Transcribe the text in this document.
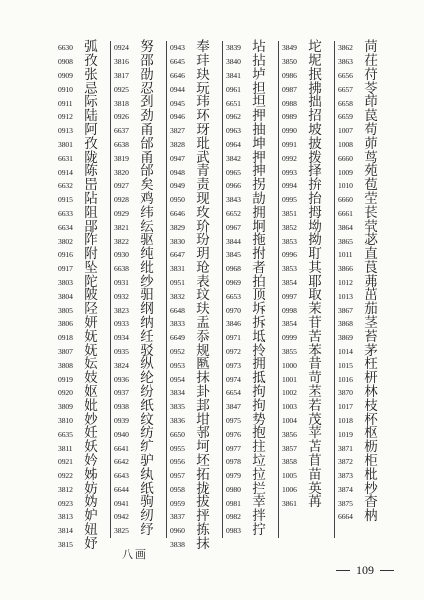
6630 弧
0908 孜
0909 张
0910 忌
0911 际
0912 陆
0913 阿
3801 孜
6631 陇
0914 陈
6632 岊
0915 阽
6633 阻
6634 郘
3802 阼
0916 附
0917 坠
3803 陀
3804 陂
3805 陉
3806 妍
0918 妩
3807 妩
3808 妘
0919 妓
0920 妪
3809 妣
3810 妙
6635 妊
3811 妖
0921 妗
0922 姊
3812 妨
0923 妫
3813 妒
3814 妞
3815 妤
0924 努
3816 邵
3817 劭
0925 忍
3818 刭
0926 劲
6637 甬
6638 邰
3819 甬
3820 邰
0927 矣
0928 鸡
0929 纬
3821 纭
3822 驱
0930 纯
6638 纰
0931 纱
0932 驲
3823 纲
0933 纳
0934 纴
0935 驳
3824 纵
0936 纶
0937 纷
0938 纸
0939 纹
0940 纺
6641 纩
6642 驴
6643 纨
6644 纸
0941 驹
0942 纫
3825 纾
0943 奉
6645 玤
6646 玦
0944 玩
0945 玮
0946 环
3827 玡
3828 玭
0947 武
0948 青
0949 责
0950 现
6646 玫
3829 玠
3830 玢
6647 玥
3831 玱
0951 表
3832 玟
6648 玞
3833 盂
6649 忝
0952 规
0953 匦
0954 抹
3834 卦
3835 邽
3836 坩
6650 邿
0955 坷
0956 坯
0957 拓
0958 拢
0959 拔
3837 抨
0960 拣
3838 抹
3839 坫
3840 拈
3841 垆
0961 担
6651 坦
0962 押
0963 抽
0964 坤
3842 押
0965 抻
0966 拐
3843 劼
6652 拥
0967 坰
3844 拖
3845 拊
0968 者
0969 拍
6653 顶
0970 坼
3846 拆
0971 坻
0972 拎
0973 拥
0974 抵
6654 拘
3847 拘
0975 势
0976 抱
0977 拄
0978 垃
0979 拉
0980 拦
0981 幸
0982 拌
0983 拧
3849 坨
3850 坭
0986 抿
0987 拂
0988 拙
0989 招
0990 坡
0991 披
0992 拨
0993 择
0994 拚
0995 抬
3851 拇
3852 坳
3853 拗
0996 耵
3853 其
3854 耶
0997 取
0998 茉
3854 苷
0999 苦
3855 苯
1000 昔
1001 苛
1002 苤
1003 若
1004 茂
3856 苹
3857 苫
3858 苜
1005 苗
1006 英
3861 苒
3862 苘
3863 茌
6656 苻
6657 苓
6658 茚
6659 苠
1007 苟
1008 茆
6660 茑
1009 苑
1010 苞
6660 茔
6661 苌
3864 茕
3865 苾
1011 直
3866 茛
1012 茀
1013 茁
3867 茄
3868 茎
3869 苔
1014 茅
1015 枉
1016 枅
3870 林
1017 枝
1018 杯
1019 枢
3871 枥
3872 柜
3873 枇
3874 杪
3875 杳
6664 枘
八画
109
